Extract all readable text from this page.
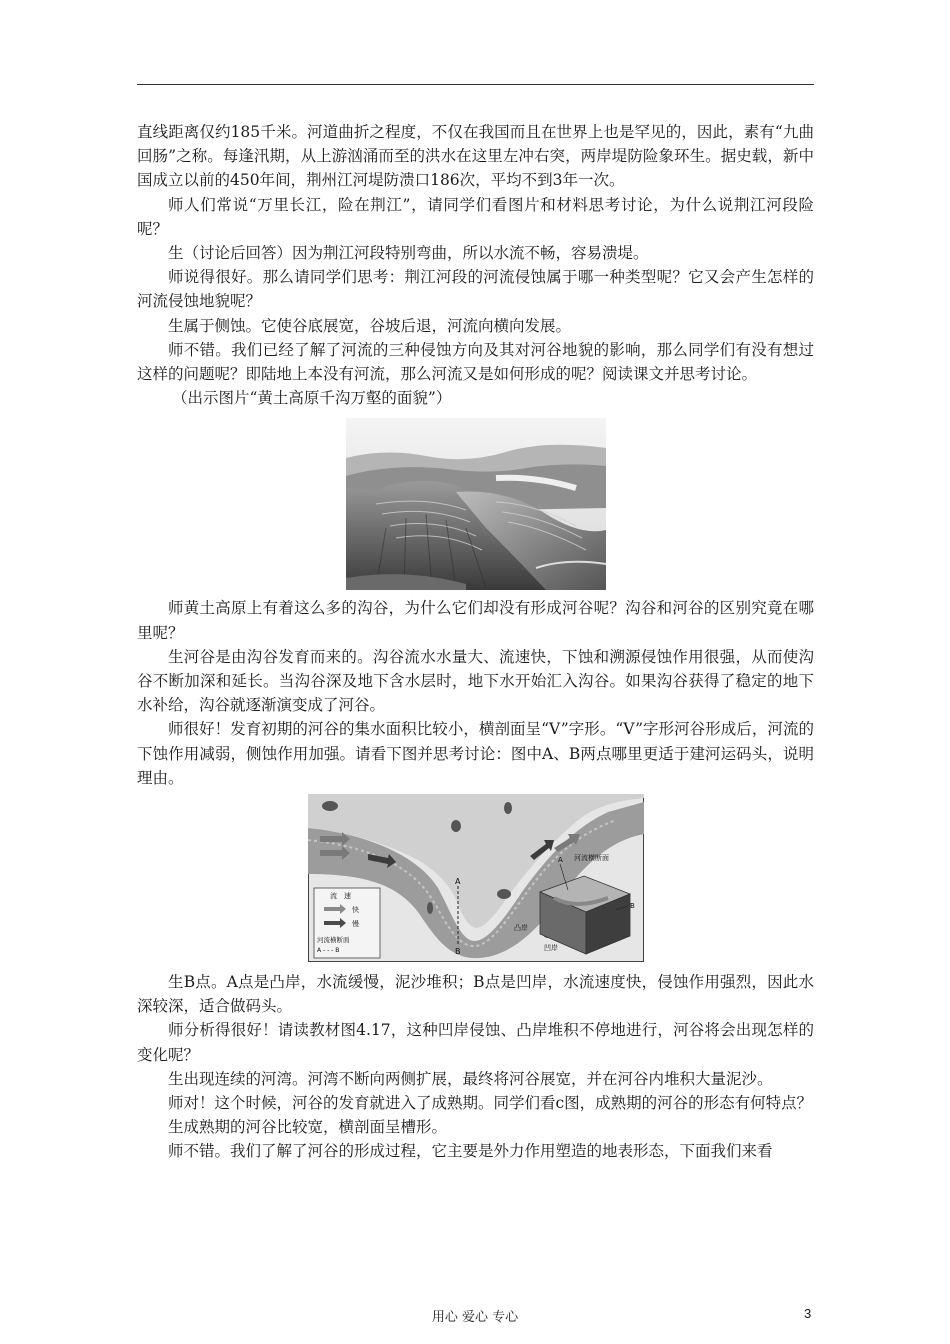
直线距离仅约185千米。河道曲折之程度，不仅在我国而且在世界上也是罕见的，因此，素有“九曲回肠”之称。每逢汛期，从上游汹涌而至的洪水在这里左冲右突，两岸堤防险象环生。据史载，新中国成立以前的450年间，荆州江河堤防溃口186次，平均不到3年一次。

师人们常说“万里长江，险在荆江”，请同学们看图片和材料思考讨论，为什么说荆江河段险呢？

生（讨论后回答）因为荆江河段特别弯曲，所以水流不畅，容易溃堤。

师说得很好。那么请同学们思考：荆江河段的河流侵蚀属于哪一种类型呢？它又会产生怎样的河流侵蚀地貌呢？

生属于侧蚀。它使谷底展宽，谷坡后退，河流向横向发展。

师不错。我们已经了解了河流的三种侵蚀方向及其对河谷地貌的影响，那么同学们有没有想过这样的问题呢？即陆地上本没有河流，那么河流又是如何形成的呢？阅读课文并思考讨论。

（出示图片“黄土高原千沟万壑的面貌”）

师黄土高原上有着这么多的沟谷，为什么它们却没有形成河谷呢？沟谷和河谷的区别究竟在哪里呢？

生河谷是由沟谷发育而来的。沟谷流水水量大、流速快，下蚀和溯源侵蚀作用很强，从而使沟谷不断加深和延长。当沟谷深及地下含水层时，地下水开始汇入沟谷。如果沟谷获得了稳定的地下水补给，沟谷就逐渐演变成了河谷。

师很好！发育初期的河谷的集水面积比较小，横剖面呈“V”字形。“V”字形河谷形成后，河流的下蚀作用减弱，侧蚀作用加强。请看下图并思考讨论：图中A、B两点哪里更适于建河运码头，说明理由。

A
B
流　速
快
慢
河流横断面
A - - - B
河流横断面
A
B
凸岸
凹岸

生B点。A点是凸岸，水流缓慢，泥沙堆积；B点是凹岸，水流速度快，侵蚀作用强烈，因此水深较深，适合做码头。

师分析得很好！请读教材图4.17，这种凹岸侵蚀、凸岸堆积不停地进行，河谷将会出现怎样的变化呢？

生出现连续的河湾。河湾不断向两侧扩展，最终将河谷展宽，并在河谷内堆积大量泥沙。

师对！这个时候，河谷的发育就进入了成熟期。同学们看c图，成熟期的河谷的形态有何特点？

生成熟期的河谷比较宽，横剖面呈槽形。

师不错。我们了解了河谷的形成过程，它主要是外力作用塑造的地表形态，下面我们来看

用心 爱心 专心	3
